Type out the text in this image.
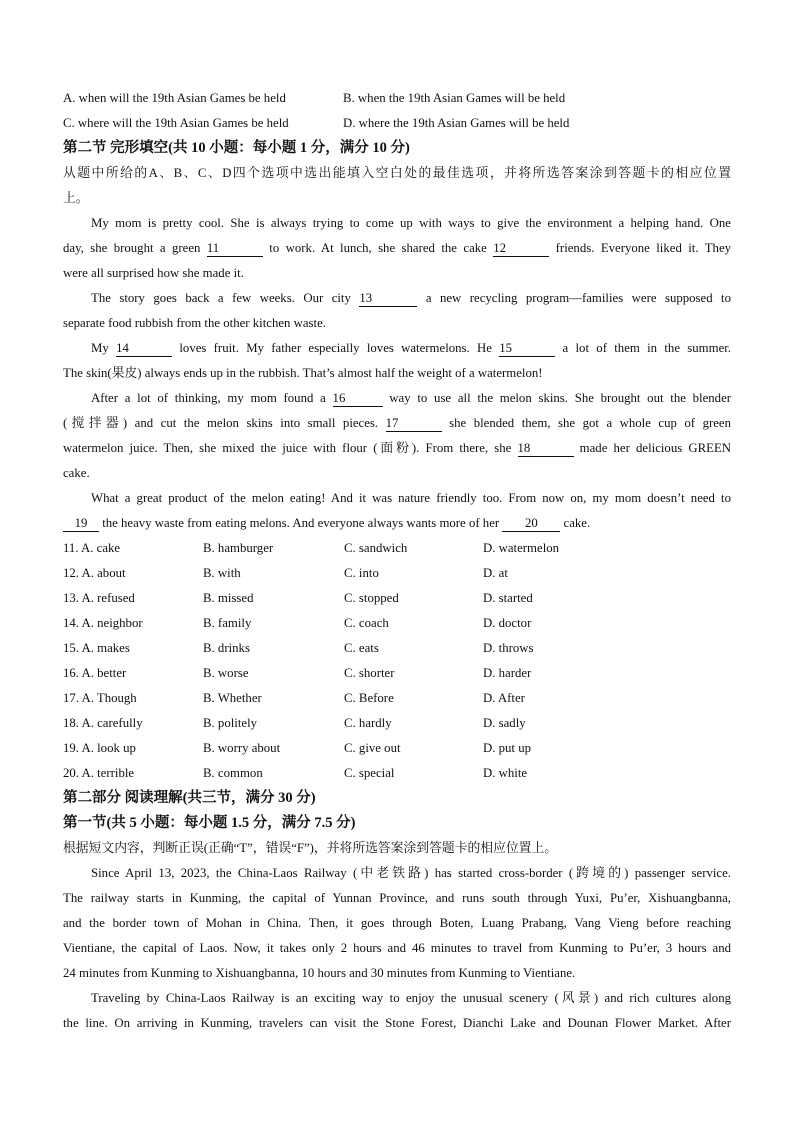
A. when will the 19th Asian Games be held	B. when the 19th Asian Games will be held
C. where will the 19th Asian Games be held	D. where the 19th Asian Games will be held
第二节 完形填空(共 10 小题：每小题 1 分，满分 10 分)
从题中所给的A、B、C、D四个选项中选出能填入空白处的最佳选项，并将所选答案涂到答题卡的相应位置
上。
My mom is pretty cool. She is always trying to come up with ways to give the environment a helping hand. One
day, she brought a green 11	to work. At lunch, she shared the cake 12	friends. Everyone liked it. They
were all surprised how she made it.
The story goes back a few weeks. Our city 13	a new recycling program—families were supposed to
separate food rubbish from the other kitchen waste.
My 14	loves fruit. My father especially loves watermelons. He 15	a lot of them in the summer.
The skin(果皮) always ends up in the rubbish. That’s almost half the weight of a watermelon!
After a lot of thinking, my mom found a 16	way to use all the melon skins. She brought out the blender
(搅拌器) and cut the melon skins into small pieces. 17	she blended them, she got a whole cup of green
watermelon juice. Then, she mixed the juice with flour (面粉). From there, she 18	made her delicious GREEN
cake.
What a great product of the melon eating! And it was nature friendly too. From now on, my mom doesn’t need to
19 the heavy waste from eating melons. And everyone always wants more of her 20 cake.
11. A. cake	B. hamburger	C. sandwich	D. watermelon
12. A. about	B. with	C. into	D. at
13. A. refused	B. missed	C. stopped	D. started
14. A. neighbor	B. family	C. coach	D. doctor
15. A. makes	B. drinks	C. eats	D. throws
16. A. better	B. worse	C. shorter	D. harder
17. A. Though	B. Whether	C. Before	D. After
18. A. carefully	B. politely	C. hardly	D. sadly
19. A. look up	B. worry about	C. give out	D. put up
20. A. terrible	B. common	C. special	D. white
第二部分 阅读理解(共三节，满分 30 分)
第一节(共 5 小题：每小题 1.5 分，满分 7.5 分)
根据短文内容，判断正误(正确“T”，错误“F”)，并将所选答案涂到答题卡的相应位置上。
Since April 13, 2023, the China-Laos Railway (中老铁路) has started cross-border (跨境的) passenger service.
The railway starts in Kunming, the capital of Yunnan Province, and runs south through Yuxi, Pu’er, Xishuangbanna,
and the border town of Mohan in China. Then, it goes through Boten, Luang Prabang, Vang Vieng before reaching
Vientiane, the capital of Laos. Now, it takes only 2 hours and 46 minutes to travel from Kunming to Pu’er, 3 hours and
24 minutes from Kunming to Xishuangbanna, 10 hours and 30 minutes from Kunming to Vientiane.
Traveling by China-Laos Railway is an exciting way to enjoy the unusual scenery (风景) and rich cultures along
the line. On arriving in Kunming, travelers can visit the Stone Forest, Dianchi Lake and Dounan Flower Market. After
